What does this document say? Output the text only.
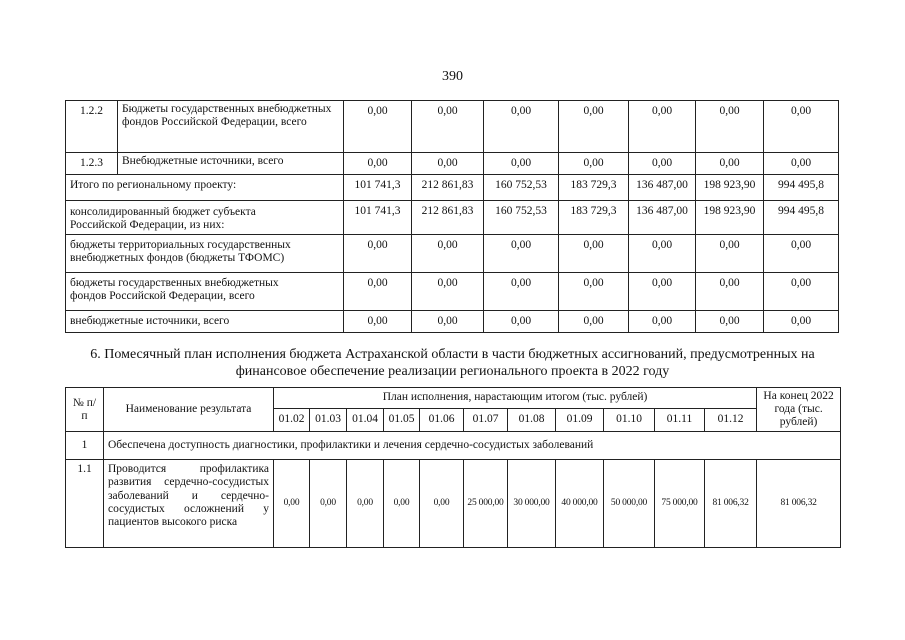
390
1.2.2	Бюджеты государственных внебюджетных фондов Российской Федерации, всего	0,00	0,00	0,00	0,00	0,00	0,00	0,00
1.2.3	Внебюджетные источники, всего	0,00	0,00	0,00	0,00	0,00	0,00	0,00
Итого по региональному проекту:		101 741,3	212 861,83	160 752,53	183 729,3	136 487,00	198 923,90	994 495,8
консолидированный бюджет субъекта Российской Федерации, из них:		101 741,3	212 861,83	160 752,53	183 729,3	136 487,00	198 923,90	994 495,8
бюджеты территориальных государственных внебюджетных фондов (бюджеты ТФОМС)		0,00	0,00	0,00	0,00	0,00	0,00	0,00
бюджеты государственных внебюджетных фондов Российской Федерации, всего		0,00	0,00	0,00	0,00	0,00	0,00	0,00
внебюджетные источники, всего		0,00	0,00	0,00	0,00	0,00	0,00	0,00
6. Помесячный план исполнения бюджета Астраханской области в части бюджетных ассигнований, предусмотренных на финансовое обеспечение реализации регионального проекта в 2022 году
№ п/п	Наименование результата	План исполнения, нарастающим итогом (тыс. рублей)											На конец 2022 года (тыс. рублей)
		01.02	01.03	01.04	01.05	01.06	01.07	01.08	01.09	01.10	01.11	01.12	
1	Обеспечена доступность диагностики, профилактики и лечения сердечно-сосудистых заболеваний												
1.1	Проводится профилактика развития сердечно-сосудистых заболеваний и сердечно-сосудистых осложнений у пациентов высокого риска	0,00	0,00	0,00	0,00	0,00	25 000,00	30 000,00	40 000,00	50 000,00	75 000,00	81 006,32	81 006,32
